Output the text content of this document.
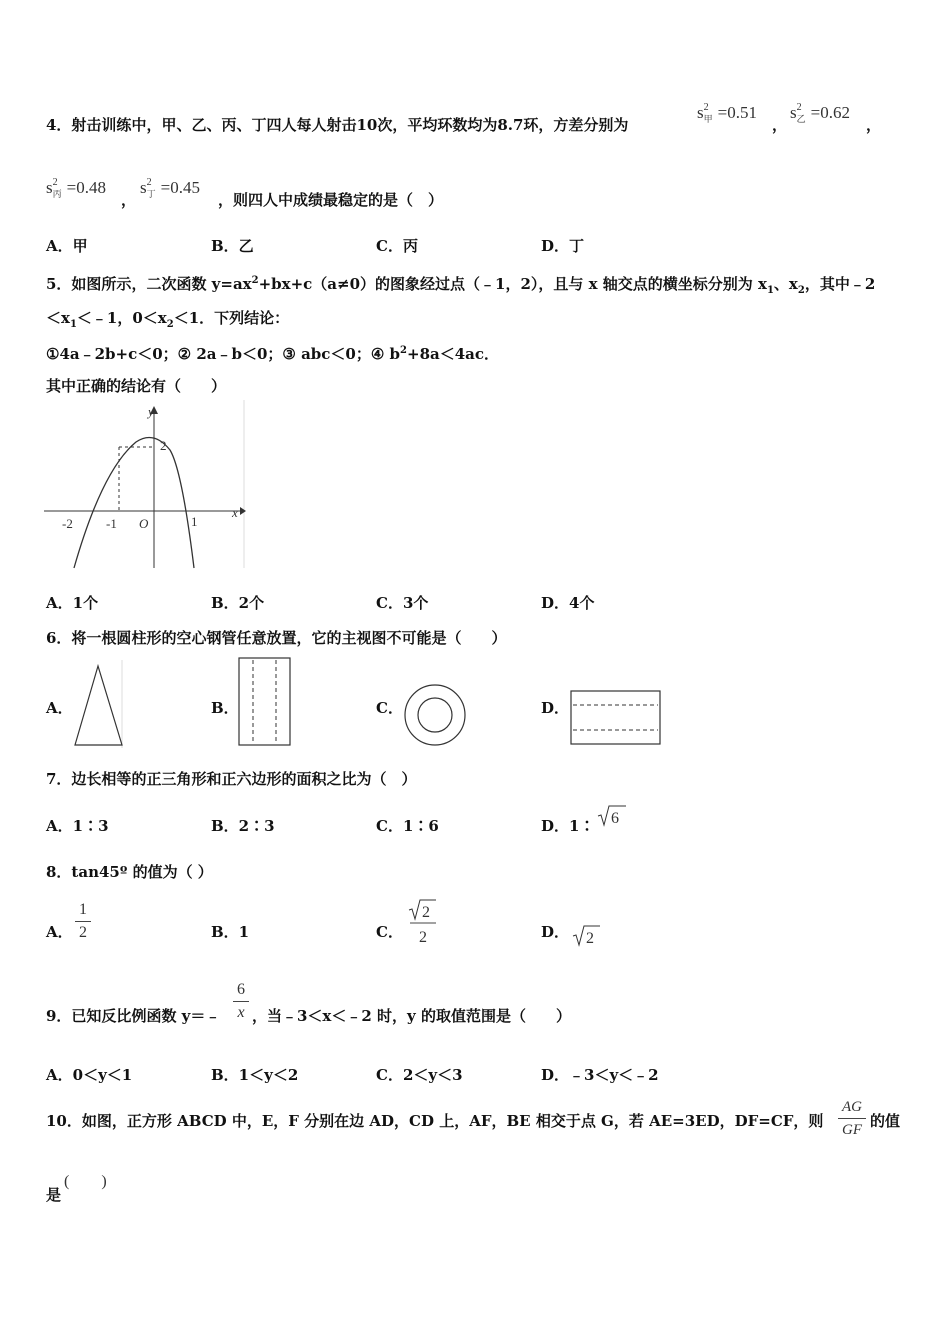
4．射击训练中，甲、乙、丙、丁四人每人射击10次，平均环数均为8.7环，方差分别为
$s^2_甲 =0.51$
，
$s^2_乙 =0.62$
，
$s^2_丙 =0.48$
，
$s^2_丁 =0.45$
，则四人中成绩最稳定的是（　）
A．甲	B．乙	C．丙	D．丁
5．如图所示，二次函数 $y=ax^2+bx+c(a\ne 0)$的图象经过点（﹣1，2），且与 x 轴交点的横坐标分别为 $x_1$、$x_2$，其中﹣2
$<x_1<﹣1$，$0<x_2<1$．下列结论：
①4a﹣2b+c＜0；② 2a﹣b＜0；③ abc＜0；④ $b^2+8a<4ac$．
其中正确的结论有（　　）
y
x
2
-2	-1 O	1
A．1个	B．2个	C．3个	D．4个
6．将一根圆柱形的空心钢管任意放置，它的主视图不可能是（　　）
A．	B．	C．	D．
7．边长相等的正三角形和正六边形的面积之比为（　）
A．1∶3	B．2∶3	C．1∶6	D．1∶ 6
8．tan45º 的值为（ ）
A．
1
2	B．1	C．
2
2	D． 2
9．已知反比例函数 y＝﹣
6
x ，当﹣3＜x＜﹣2 时，y 的取值范围是（　　）
A．0＜y＜1	B．1＜y＜2	C．2＜y＜3	D．﹣3＜y＜﹣2
10．如图，正方形 ABCD 中，E，F 分别在边 AD，CD 上，AF，BE 相交于点 G，若 AE=3ED，DF=CF，则
AG
GF 的值
是
(　　)
